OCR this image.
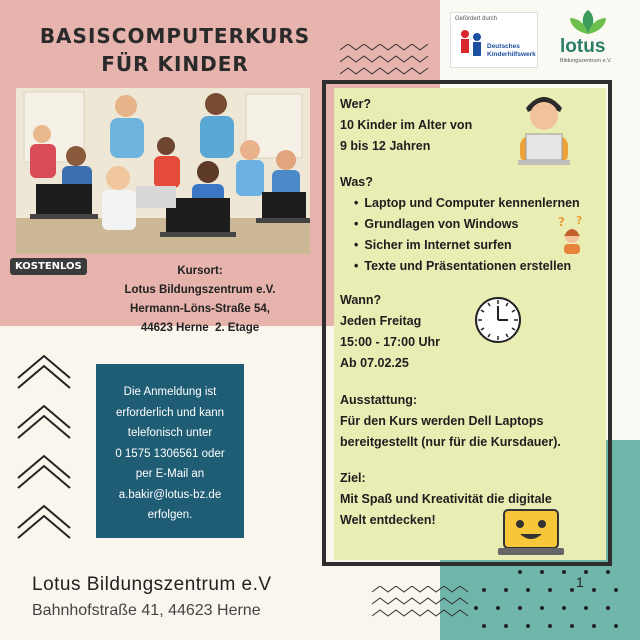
BASISCOMPUTERKURS
FÜR KINDER
KOSTENLOS	Kursort:
Lotus Bildungszentrum e.V.
Hermann-Löns-Straße 54,
44623 Herne  2. Etage
Die Anmeldung ist
erforderlich und kann
telefonisch unter
0 1575 1306561 oder
per E-Mail an
a.bakir@lotus-bz.de
erfolgen.
Gefördert durch
Deutsches
Kinderhilfswerk lotus
Bildungszentrum e.V.
Wer?
10 Kinder im Alter von
9 bis 12 Jahren
Was?
• Laptop und Computer kennenlernen
• Grundlagen von Windows
• Sicher im Internet surfen
• Texte und Präsentationen erstellen
Wann?
Jeden Freitag
15:00 - 17:00 Uhr
Ab 07.02.25
Ausstattung:
Für den Kurs werden Dell Laptops
bereitgestellt (nur für die Kursdauer).
Ziel:
Mit Spaß und Kreativität die digitale
Welt entdecken!
? ?
Lotus Bildungszentrum e.V
Bahnhofstraße 41, 44623 Herne
1
